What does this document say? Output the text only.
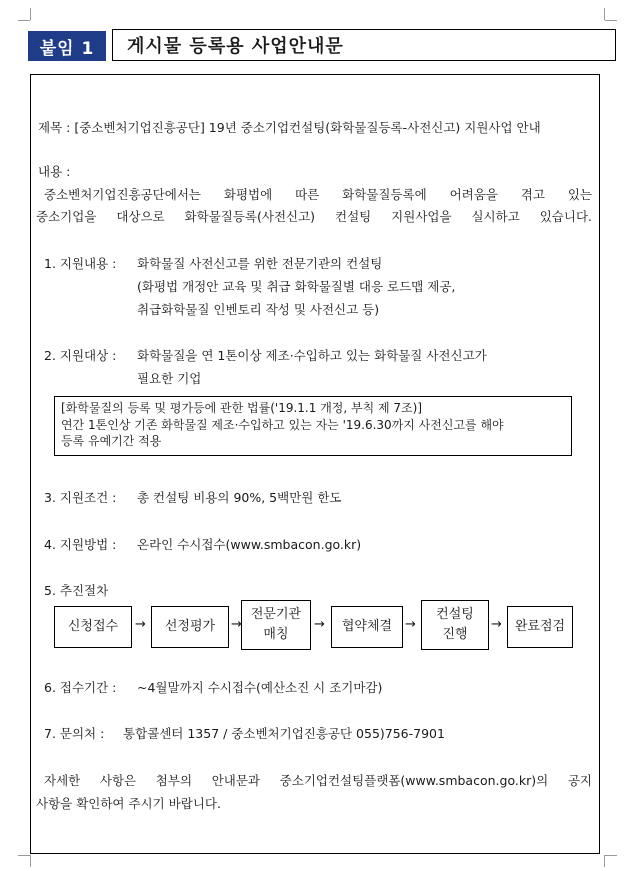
붙임 1	게시물 등록용 사업안내문
제목 : [중소벤처기업진흥공단] 19년 중소기업컨설팅(화학물질등록-사전신고) 지원사업 안내
내용 :
중소벤처기업진흥공단에서는 화평법에 따른 화학물질등록에 어려움을 겪고 있는
중소기업을 대상으로 화학물질등록(사전신고) 컨설팅 지원사업을 실시하고 있습니다.
1. 지원내용 : 화학물질 사전신고를 위한 전문기관의 컨설팅
(화평법 개정안 교육 및 취급 화학물질별 대응 로드맵 제공,
취급화학물질 인벤토리 작성 및 사전신고 등)
2. 지원대상 : 화학물질을 연 1톤이상 제조·수입하고 있는 화학물질 사전신고가
필요한 기업
[화학물질의 등록 및 평가등에 관한 법률('19.1.1 개정, 부칙 제 7조)]
연간 1톤인상 기존 화학물질 제조·수입하고 있는 자는 '19.6.30까지 사전신고를 해야
등록 유예기간 적용
3. 지원조건 : 총 컨설팅 비용의 90%, 5백만원 한도
4. 지원방법 : 온라인 수시접수(www.smbacon.go.kr)
5. 추진절차
신청접수 → 선정평가 →
전문기관
매칭
→ 협약체결 →
컨설팅
진행
→ 완료점검
6. 접수기간 : ~4월말까지 수시접수(예산소진 시 조기마감)
7. 문의처 : 통합콜센터 1357 / 중소벤처기업진흥공단 055)756-7901
자세한 사항은 첨부의 안내문과 중소기업컨설팅플랫폼(www.smbacon.go.kr)의 공지
사항을 확인하여 주시기 바랍니다.
